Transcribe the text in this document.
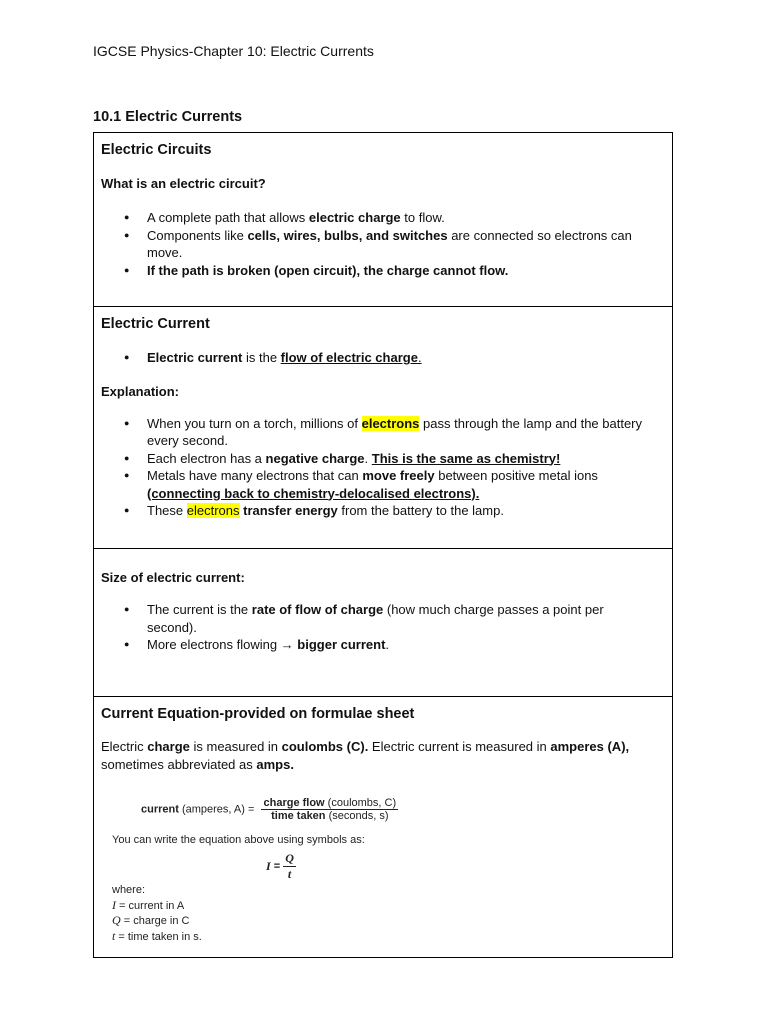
IGCSE Physics-Chapter 10: Electric Currents
10.1 Electric Currents
Electric Circuits
What is an electric circuit?
● A complete path that allows electric charge to flow.
● Components like cells, wires, bulbs, and switches are connected so electrons can move.
● If the path is broken (open circuit), the charge cannot flow.
Electric Current
● Electric current is the flow of electric charge.
Explanation:
● When you turn on a torch, millions of electrons pass through the lamp and the battery every second.
● Each electron has a negative charge. This is the same as chemistry!
● Metals have many electrons that can move freely between positive metal ions (connecting back to chemistry-delocalised electrons).
● These electrons transfer energy from the battery to the lamp.
Size of electric current:
● The current is the rate of flow of charge (how much charge passes a point per second).
● More electrons flowing → bigger current.
Current Equation-provided on formulae sheet

Electric charge is measured in coulombs (C). Electric current is measured in amperes (A), sometimes abbreviated as amps.

current (amperes, $A) = \frac{\text{charge flow (coulombs, C)}}{\text{time taken (seconds, s)}}$
You can write the equation above using symbols as:
$I = \frac{Q}{t}$
where:
I = current in A
Q = charge in C
t = time taken in s.
